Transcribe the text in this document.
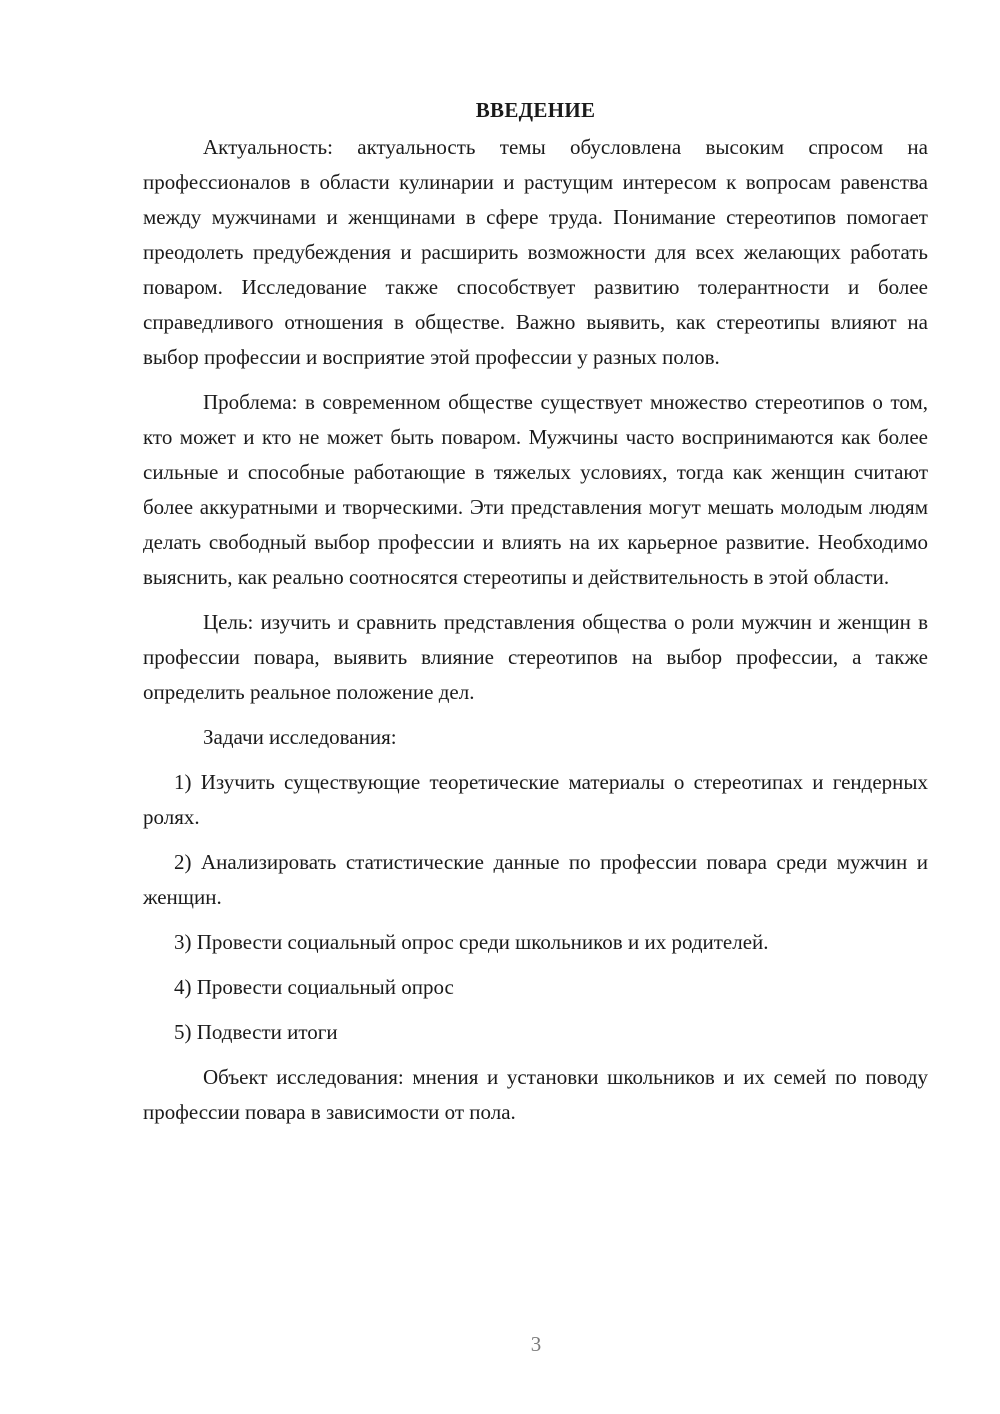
ВВЕДЕНИЕ

Актуальность: актуальность темы обусловлена высоким спросом на профессионалов в области кулинарии и растущим интересом к вопросам равенства между мужчинами и женщинами в сфере труда. Понимание стереотипов помогает преодолеть предубеждения и расширить возможности для всех желающих работать поваром. Исследование также способствует развитию толерантности и более справедливого отношения в обществе. Важно выявить, как стереотипы влияют на выбор профессии и восприятие этой профессии у разных полов.

Проблема: в современном обществе существует множество стереотипов о том, кто может и кто не может быть поваром. Мужчины часто воспринимаются как более сильные и способные работающие в тяжелых условиях, тогда как женщин считают более аккуратными и творческими. Эти представления могут мешать молодым людям делать свободный выбор профессии и влиять на их карьерное развитие. Необходимо выяснить, как реально соотносятся стереотипы и действительность в этой области.

Цель: изучить и сравнить представления общества о роли мужчин и женщин в профессии повара, выявить влияние стереотипов на выбор профессии, а также определить реальное положение дел.

Задачи исследования:

1) Изучить существующие теоретические материалы о стереотипах и гендерных ролях.

2) Анализировать статистические данные по профессии повара среди мужчин и женщин.

3) Провести социальный опрос среди школьников и их родителей.

4) Провести социальный опрос

5) Подвести итоги

Объект исследования: мнения и установки школьников и их семей по поводу профессии повара в зависимости от пола.

3
